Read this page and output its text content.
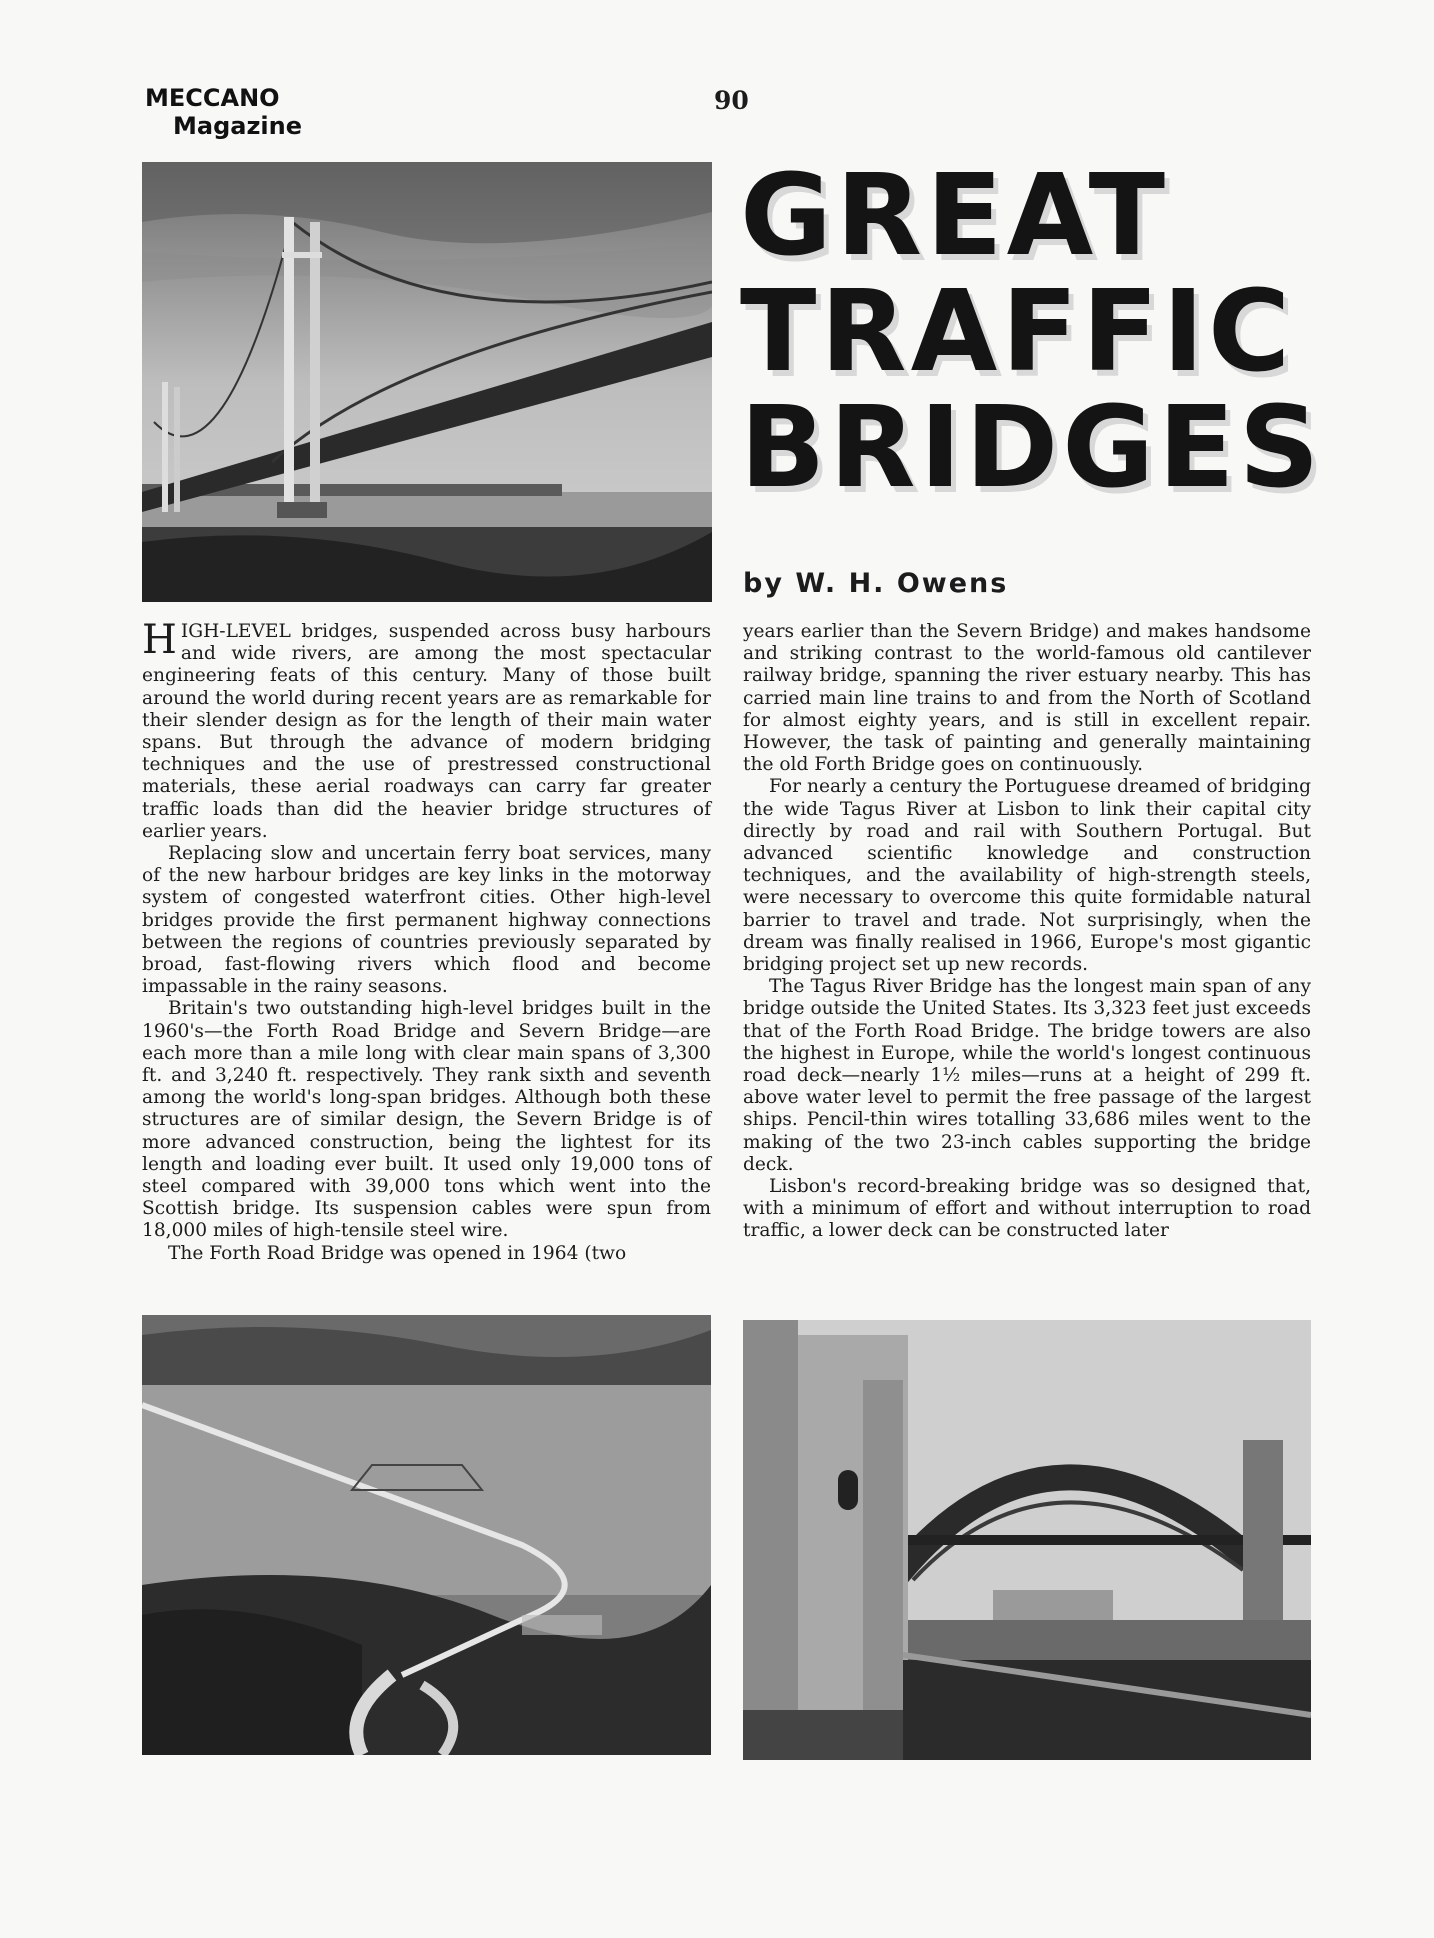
MECCANO
Magazine
90
GREAT
TRAFFIC
BRIDGES
by W. H. Owens

HIGH-LEVEL bridges, suspended across busy harbours and wide rivers, are among the most spectacular engineering feats of this century. Many of those built around the world during recent years are as remarkable for their slender design as for the length of their main water spans. But through the advance of modern bridging techniques and the use of prestressed constructional materials, these aerial roadways can carry far greater traffic loads than did the heavier bridge structures of earlier years.

Replacing slow and uncertain ferry boat services, many of the new harbour bridges are key links in the motorway system of congested waterfront cities. Other high-level bridges provide the first permanent highway connections between the regions of countries previously separated by broad, fast-flowing rivers which flood and become impassable in the rainy seasons.

Britain's two outstanding high-level bridges built in the 1960's—the Forth Road Bridge and Severn Bridge—are each more than a mile long with clear main spans of 3,300 ft. and 3,240 ft. respectively. They rank sixth and seventh among the world's long-span bridges. Although both these structures are of similar design, the Severn Bridge is of more advanced construction, being the lightest for its length and loading ever built. It used only 19,000 tons of steel compared with 39,000 tons which went into the Scottish bridge. Its suspension cables were spun from 18,000 miles of high-tensile steel wire.

The Forth Road Bridge was opened in 1964 (two

years earlier than the Severn Bridge) and makes handsome and striking contrast to the world-famous old cantilever railway bridge, spanning the river estuary nearby. This has carried main line trains to and from the North of Scotland for almost eighty years, and is still in excellent repair. However, the task of painting and generally maintaining the old Forth Bridge goes on continuously.

For nearly a century the Portuguese dreamed of bridging the wide Tagus River at Lisbon to link their capital city directly by road and rail with Southern Portugal. But advanced scientific knowledge and construction techniques, and the availability of high-strength steels, were necessary to overcome this quite formidable natural barrier to travel and trade. Not surprisingly, when the dream was finally realised in 1966, Europe's most gigantic bridging project set up new records.

The Tagus River Bridge has the longest main span of any bridge outside the United States. Its 3,323 feet just exceeds that of the Forth Road Bridge. The bridge towers are also the highest in Europe, while the world's longest continuous road deck—nearly 1½ miles—runs at a height of 299 ft. above water level to permit the free passage of the largest ships. Pencil-thin wires totalling 33,686 miles went to the making of the two 23-inch cables supporting the bridge deck.

Lisbon's record-breaking bridge was so designed that, with a minimum of effort and without interruption to road traffic, a lower deck can be constructed later
